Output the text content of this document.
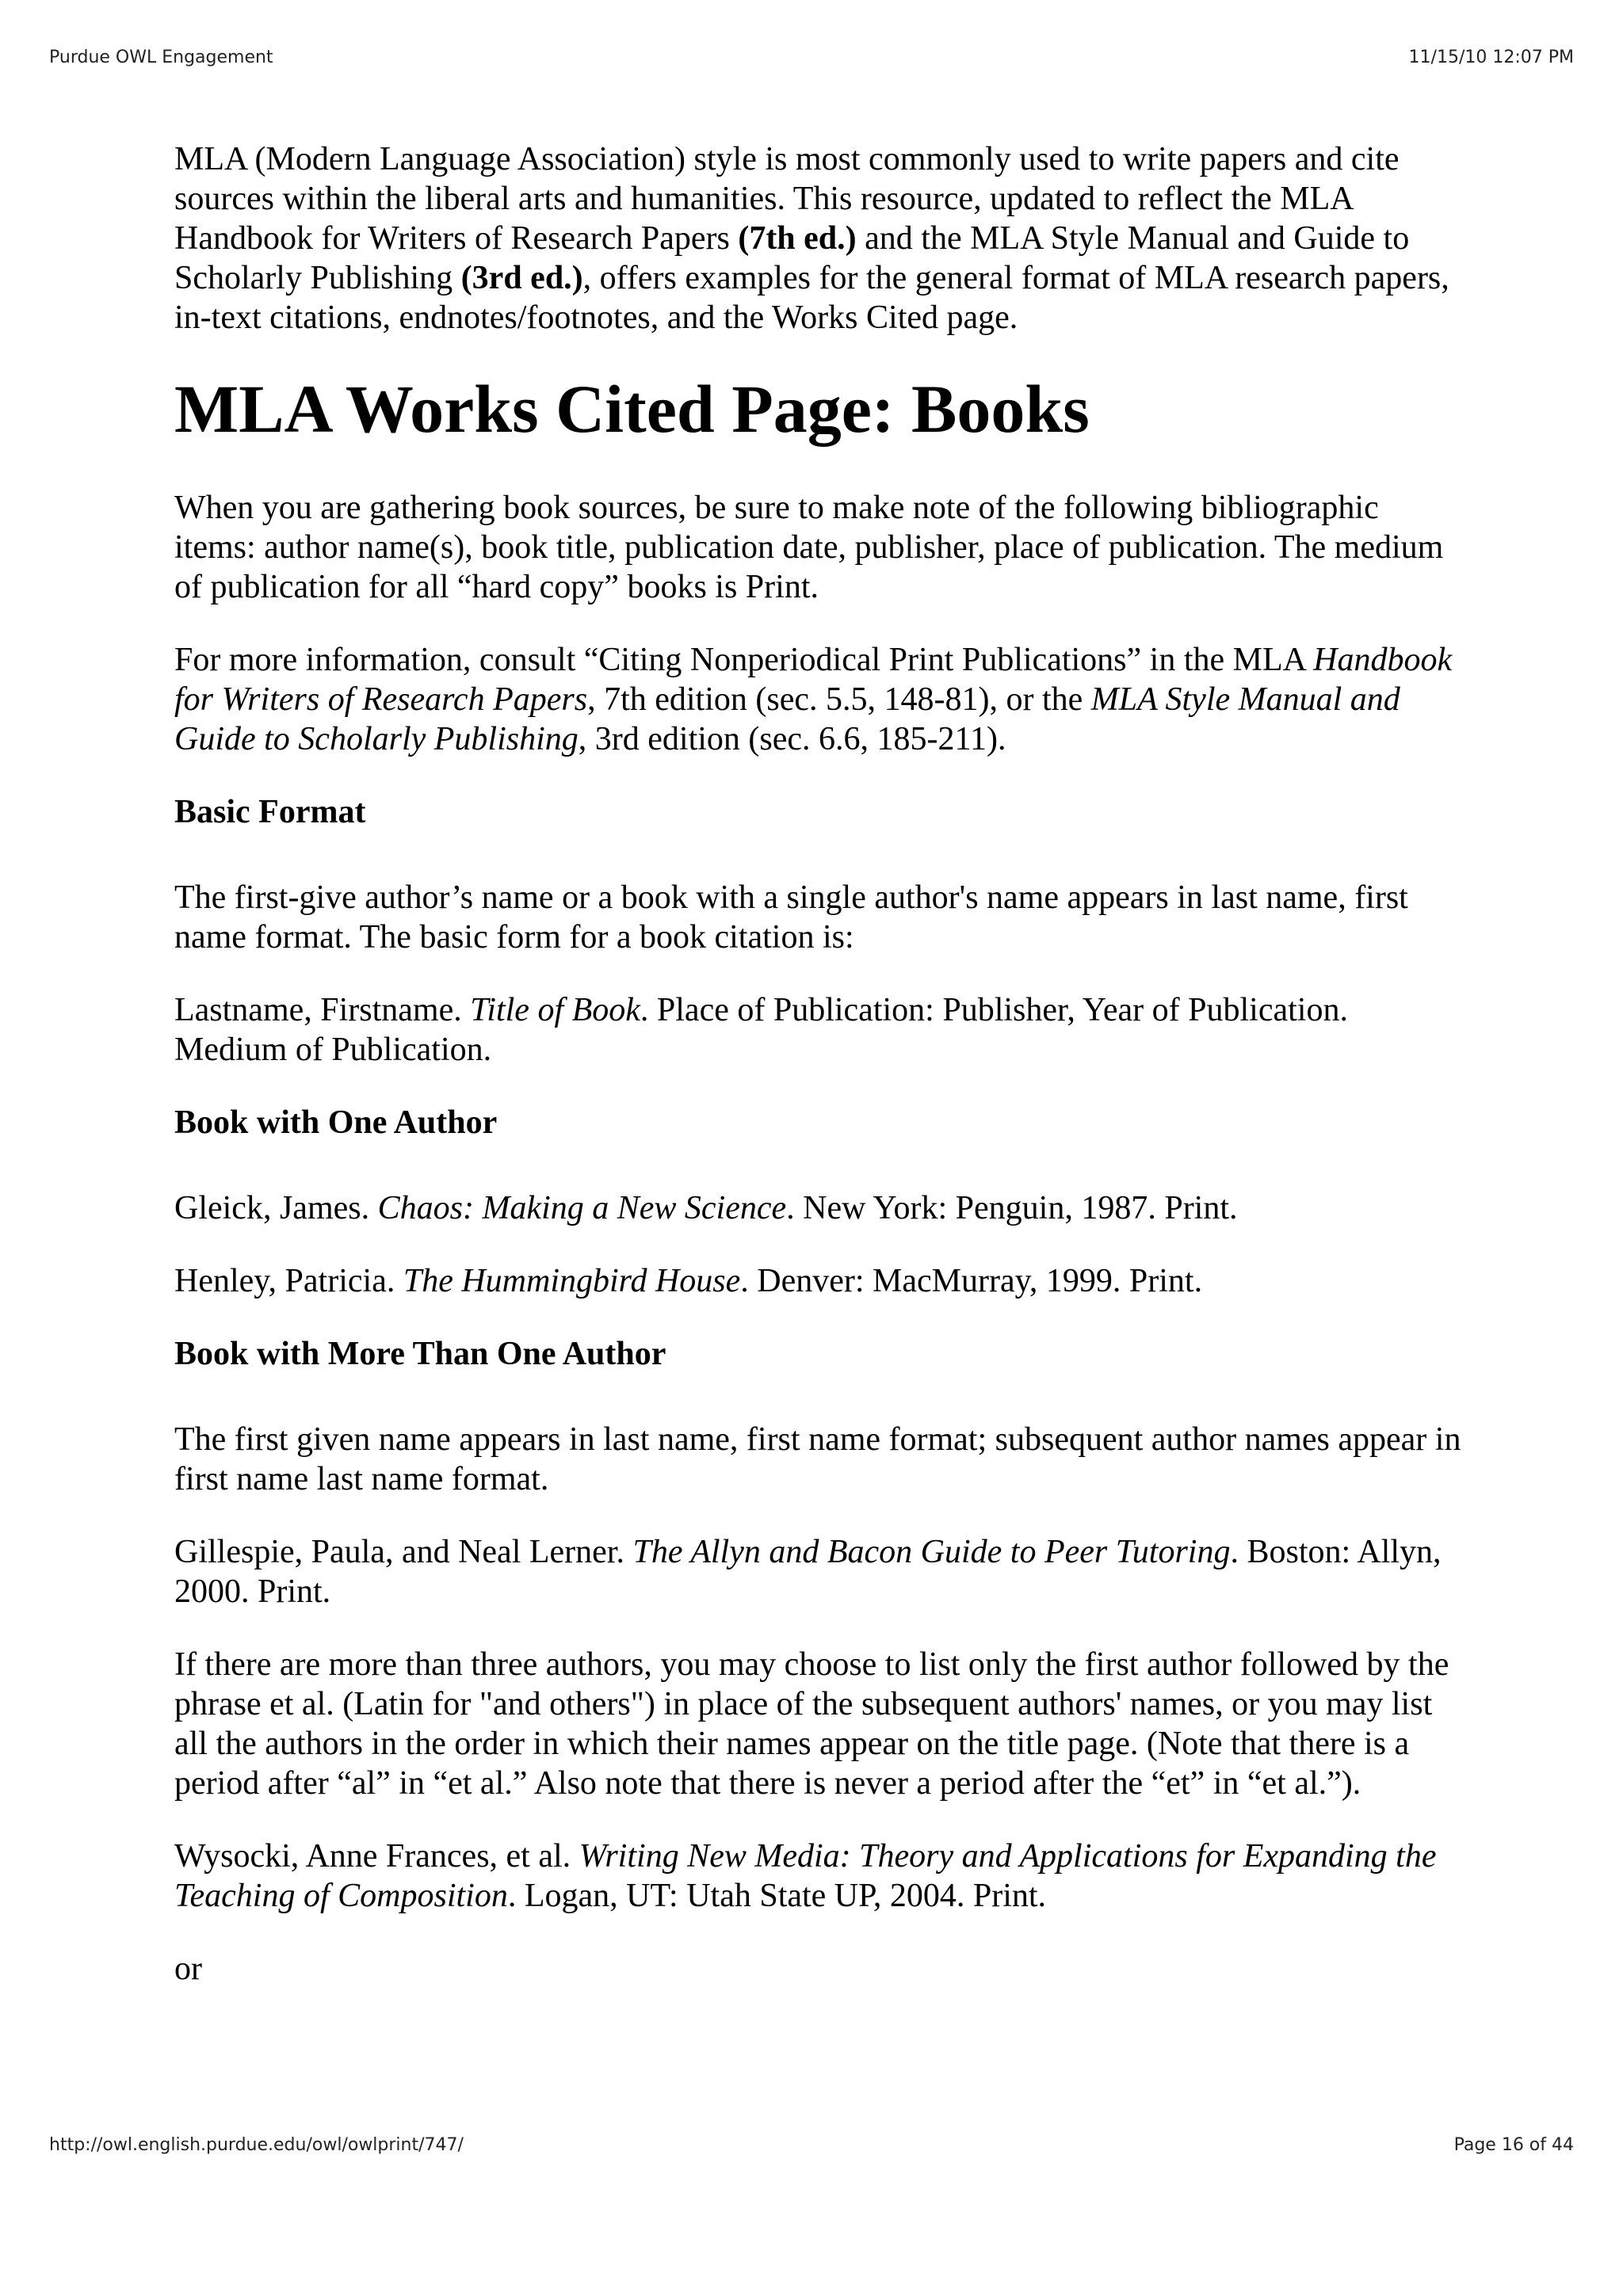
Purdue OWL Engagement	11/15/10 12:07 PM

MLA (Modern Language Association) style is most commonly used to write papers and cite sources within the liberal arts and humanities. This resource, updated to reflect the MLA Handbook for Writers of Research Papers (7th ed.) and the MLA Style Manual and Guide to Scholarly Publishing (3rd ed.), offers examples for the general format of MLA research papers, in-text citations, endnotes/footnotes, and the Works Cited page.

MLA Works Cited Page: Books

When you are gathering book sources, be sure to make note of the following bibliographic items: author name(s), book title, publication date, publisher, place of publication. The medium of publication for all “hard copy” books is Print.

For more information, consult “Citing Nonperiodical Print Publications” in the MLA Handbook for Writers of Research Papers, 7th edition (sec. 5.5, 148-81), or the MLA Style Manual and Guide to Scholarly Publishing, 3rd edition (sec. 6.6, 185-211).

Basic Format

The first-give author’s name or a book with a single author's name appears in last name, first name format. The basic form for a book citation is:

Lastname, Firstname. Title of Book. Place of Publication: Publisher, Year of Publication. Medium of Publication.

Book with One Author

Gleick, James. Chaos: Making a New Science. New York: Penguin, 1987. Print.

Henley, Patricia. The Hummingbird House. Denver: MacMurray, 1999. Print.

Book with More Than One Author

The first given name appears in last name, first name format; subsequent author names appear in first name last name format.

Gillespie, Paula, and Neal Lerner. The Allyn and Bacon Guide to Peer Tutoring. Boston: Allyn, 2000. Print.

If there are more than three authors, you may choose to list only the first author followed by the phrase et al. (Latin for "and others") in place of the subsequent authors' names, or you may list all the authors in the order in which their names appear on the title page. (Note that there is a period after “al” in “et al.” Also note that there is never a period after the “et” in “et al.”).

Wysocki, Anne Frances, et al. Writing New Media: Theory and Applications for Expanding the Teaching of Composition. Logan, UT: Utah State UP, 2004. Print.

or

http://owl.english.purdue.edu/owl/owlprint/747/	Page 16 of 44
